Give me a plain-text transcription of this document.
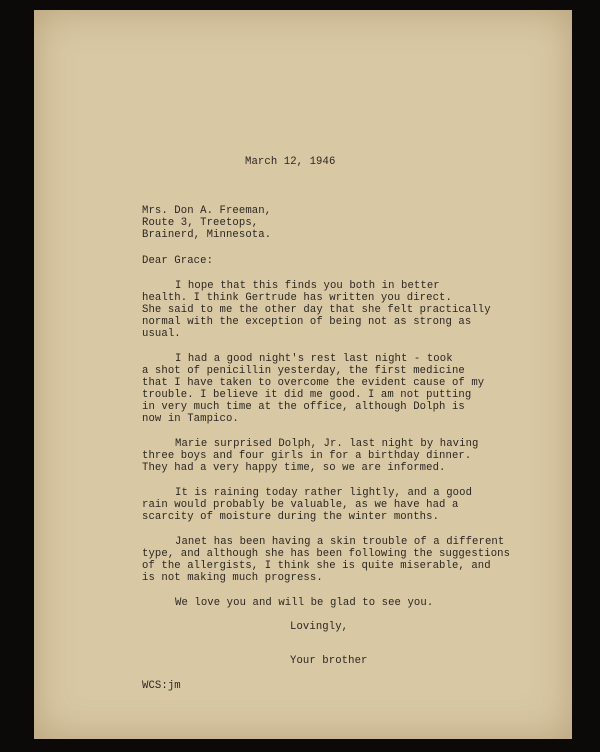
March 12, 1946
Mrs. Don A. Freeman,
Route 3, Treetops,
Brainerd, Minnesota.
Dear Grace:
I hope that this finds you both in better
health. I think Gertrude has written you direct.
She said to me the other day that she felt practically
normal with the exception of being not as strong as
usual.
I had a good night's rest last night - took
a shot of penicillin yesterday, the first medicine
that I have taken to overcome the evident cause of my
trouble. I believe it did me good. I am not putting
in very much time at the office, although Dolph is
now in Tampico.
Marie surprised Dolph, Jr. last night by having
three boys and four girls in for a birthday dinner.
They had a very happy time, so we are informed.
It is raining today rather lightly, and a good
rain would probably be valuable, as we have had a
scarcity of moisture during the winter months.
Janet has been having a skin trouble of a different
type, and although she has been following the suggestions
of the allergists, I think she is quite miserable, and
is not making much progress.
We love you and will be glad to see you.
Lovingly,
Your brother
WCS:jm
